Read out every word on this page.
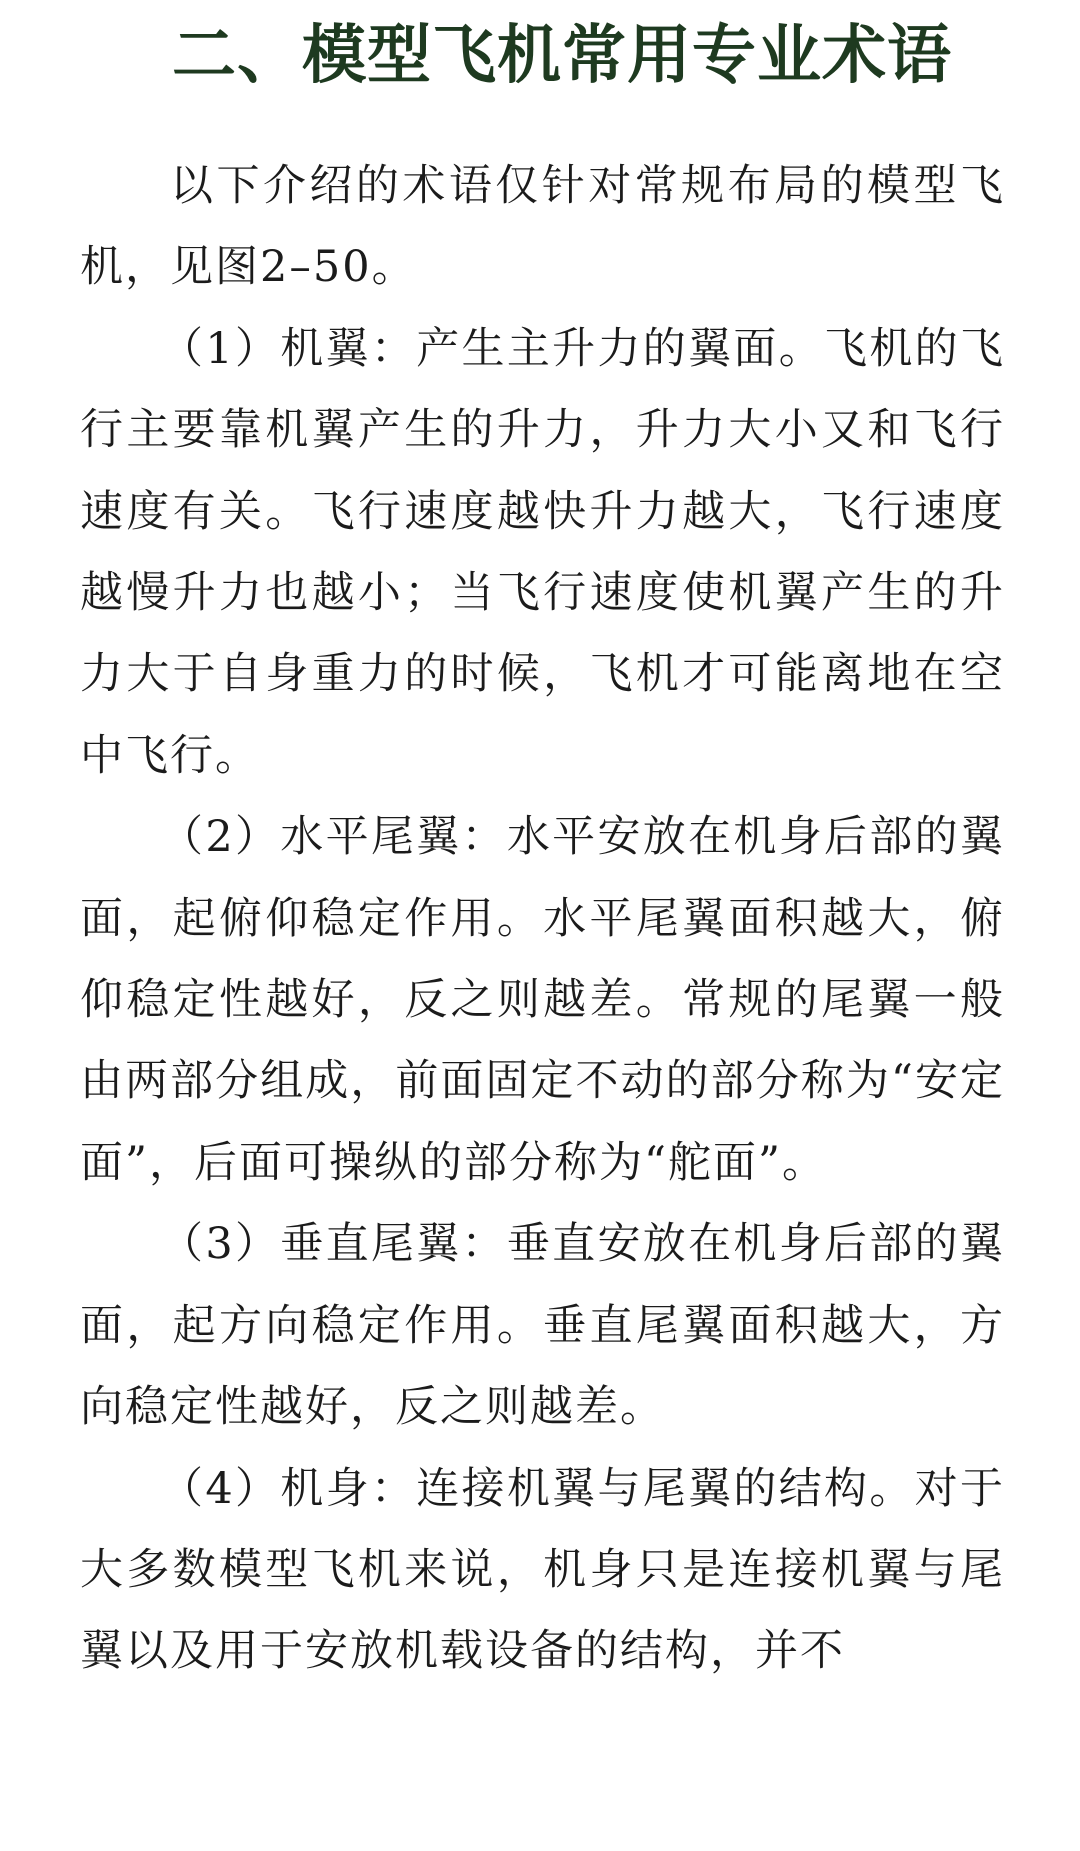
二、模型飞机常用专业术语

以下介绍的术语仅针对常规布局的模型飞机，见图2–50。

（1）机翼：产生主升力的翼面。飞机的飞行主要靠机翼产生的升力，升力大小又和飞行速度有关。飞行速度越快升力越大，飞行速度越慢升力也越小；当飞行速度使机翼产生的升力大于自身重力的时候，飞机才可能离地在空中飞行。

（2）水平尾翼：水平安放在机身后部的翼面，起俯仰稳定作用。水平尾翼面积越大，俯仰稳定性越好，反之则越差。常规的尾翼一般由两部分组成，前面固定不动的部分称为“安定面”，后面可操纵的部分称为“舵面”。

（3）垂直尾翼：垂直安放在机身后部的翼面，起方向稳定作用。垂直尾翼面积越大，方向稳定性越好，反之则越差。

（4）机身：连接机翼与尾翼的结构。对于大多数模型飞机来说，机身只是连接机翼与尾翼以及用于安放机载设备的结构，并不
